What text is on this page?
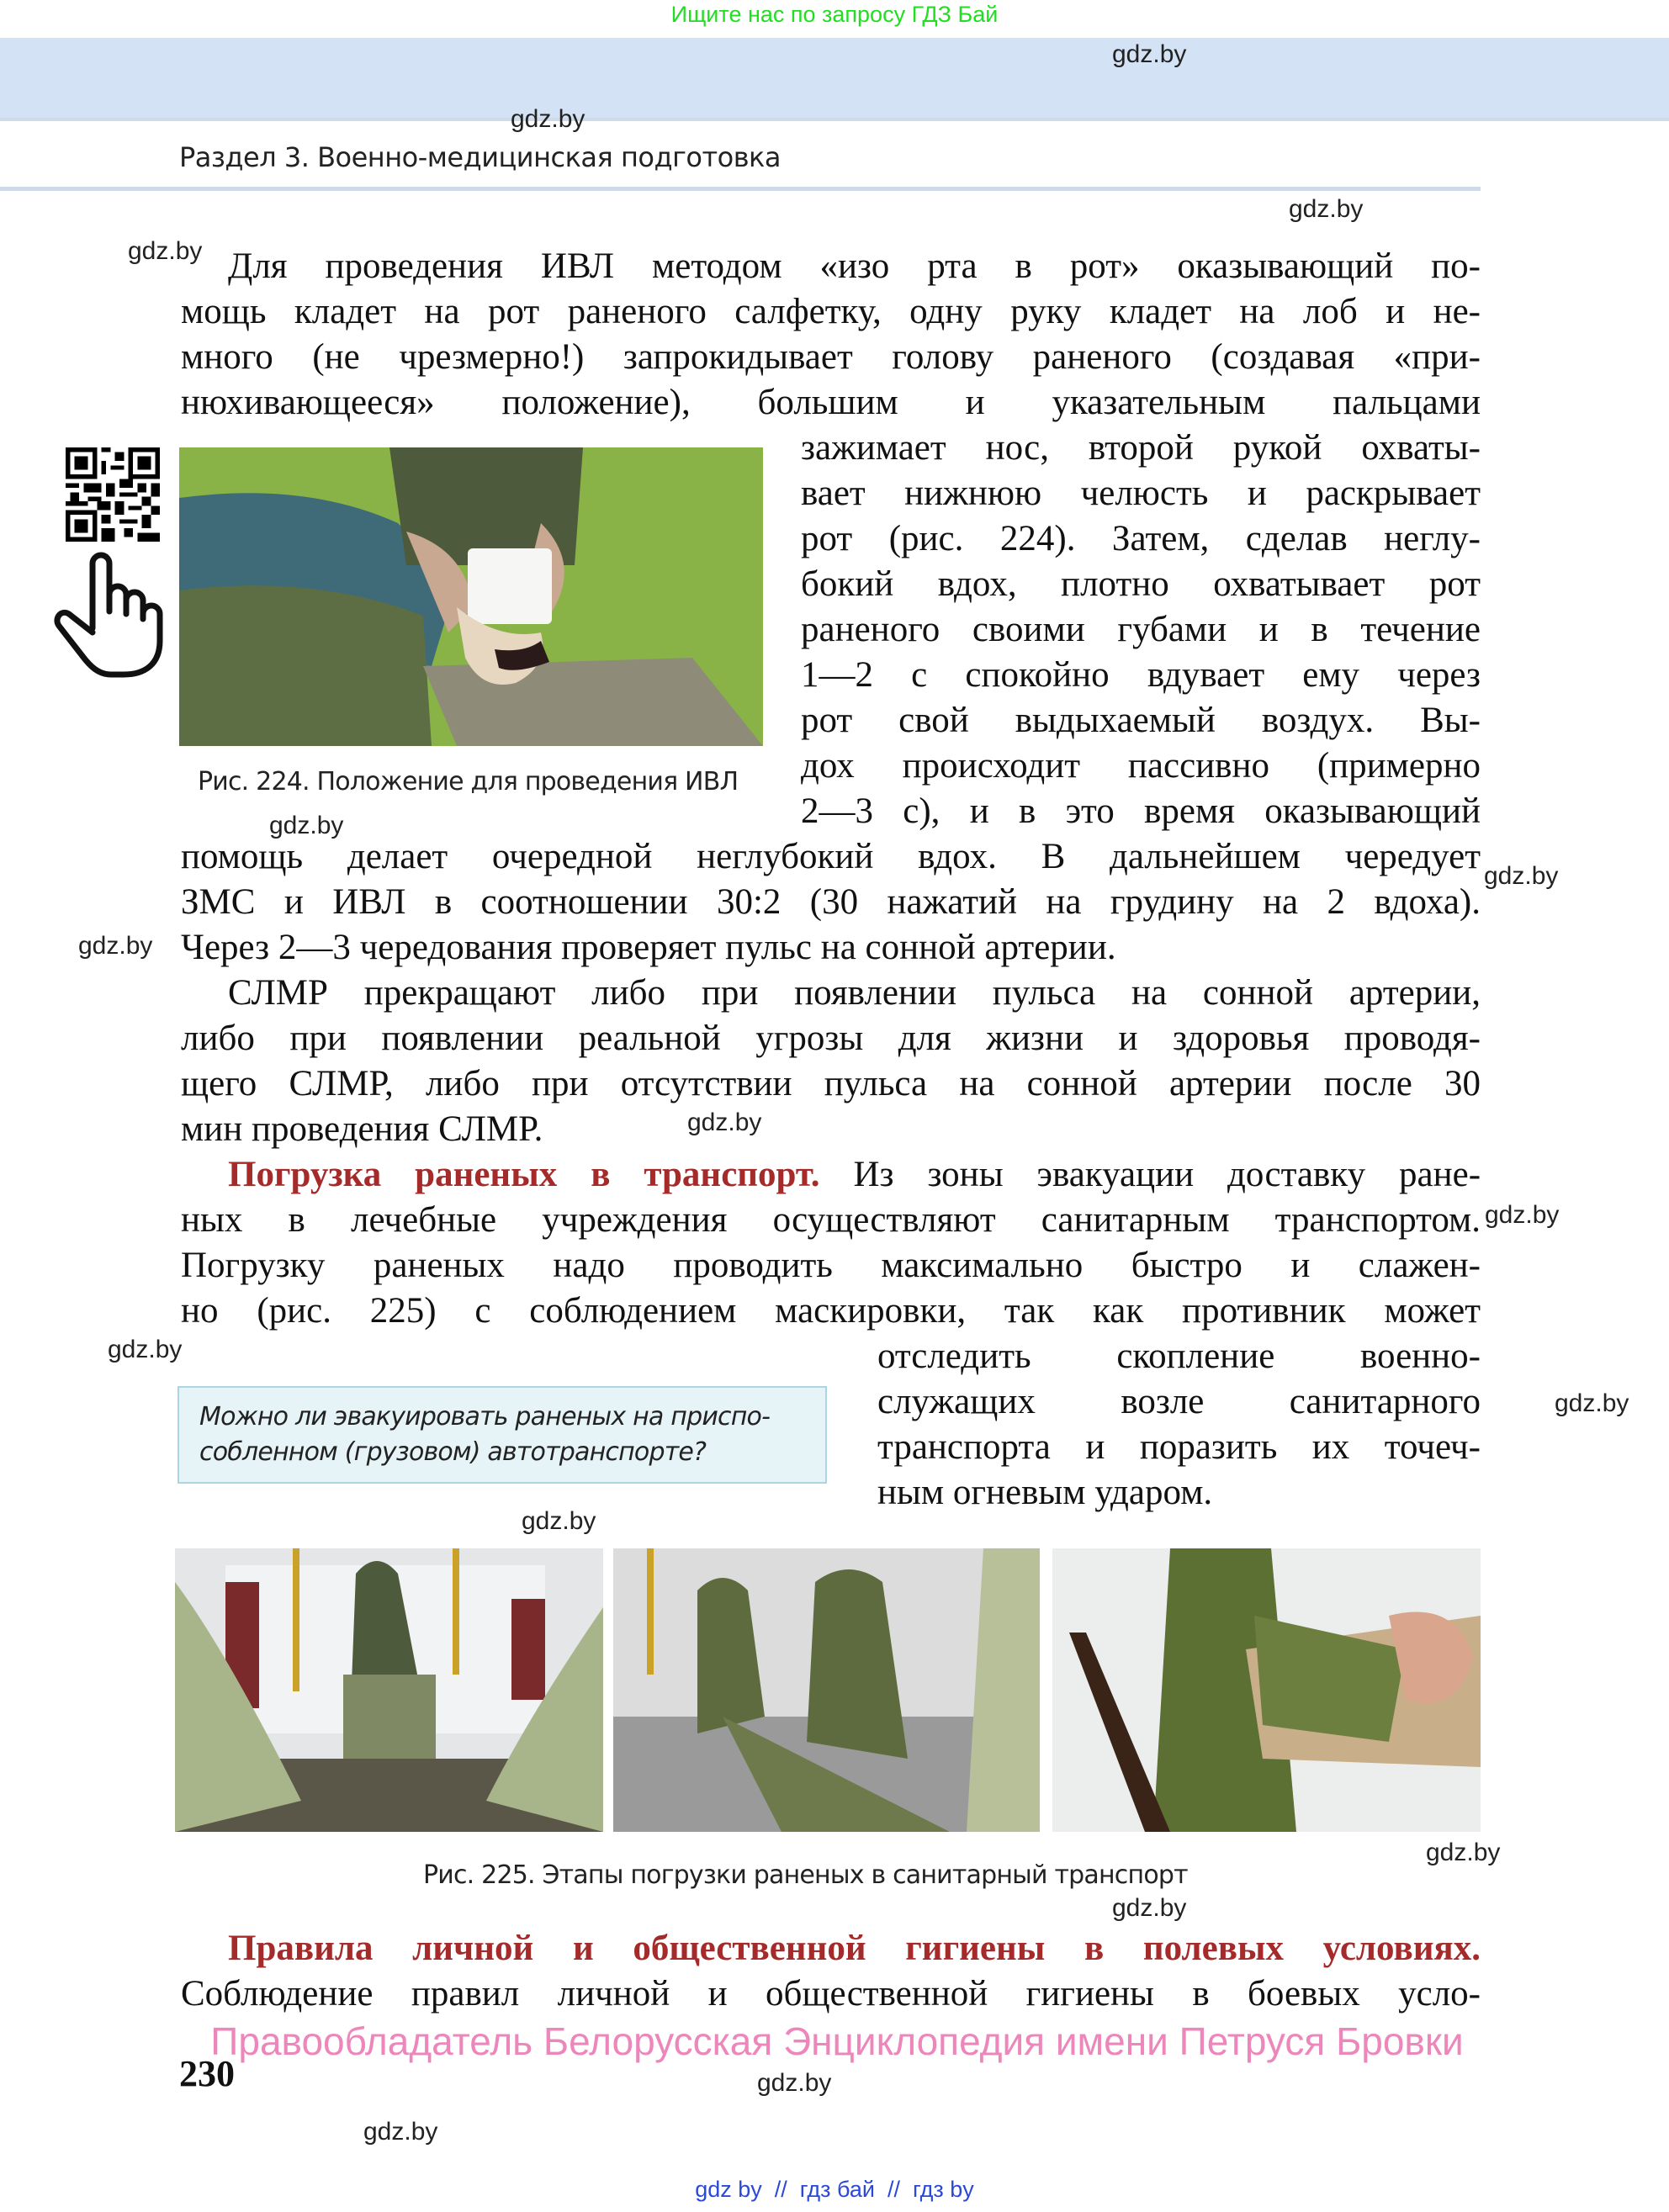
Ищите нас по запросу ГДЗ Бай
gdz.by
gdz.by
gdz.by
gdz.by
gdz.by
gdz.by
gdz.by
gdz.by
gdz.by
gdz.by
gdz.by
gdz.by
gdz.by
gdz.by
gdz.by
gdz.by
Раздел 3. Военно-медицинская подготовка
Для проведения ИВЛ методом «изо рта в рот» оказывающий по-
мощь кладет на рот раненого салфетку, одну руку кладет на лоб и не-
много (не чрезмерно!) запрокидывает голову раненого (создавая «при-
нюхивающееся» положение), большим и указательным пальцами
Рис. 224. Положение для проведения ИВЛ
зажимает нос, второй рукой охваты-
вает нижнюю челюсть и раскрывает
рот (рис. 224). Затем, сделав неглу-
бокий вдох, плотно охватывает рот
раненого своими губами и в течение
1—2 с спокойно вдувает ему через
рот свой выдыхаемый воздух. Вы-
дох происходит пассивно (примерно
2—3 с), и в это время оказывающий
помощь делает очередной неглубокий вдох. В дальнейшем чередует
ЗМС и ИВЛ в соотношении 30:2 (30 нажатий на грудину на 2 вдоха).
Через 2—3 чередования проверяет пульс на сонной артерии.
СЛМР прекращают либо при появлении пульса на сонной артерии,
либо при появлении реальной угрозы для жизни и здоровья проводя-
щего СЛМР, либо при отсутствии пульса на сонной артерии после 30
мин проведения СЛМР.
Погрузка раненых в транспорт. Из зоны эвакуации доставку ране-
ных в лечебные учреждения осуществляют санитарным транспортом.
Погрузку раненых надо проводить максимально быстро и слажен-
но (рис. 225) с соблюдением маскировки, так как противник может
отследить скопление военно-
служащих возле санитарного
транспорта и поразить их точеч-
ным огневым ударом.
Можно ли эвакуировать раненых на приспо-
собленном (грузовом) автотранспорте?
Рис. 225. Этапы погрузки раненых в санитарный транспорт
Правила личной и общественной гигиены в полевых условиях.
Соблюдение правил личной и общественной гигиены в боевых усло-
Правообладатель Белорусская Энциклопедия имени Петруся Бровки
230
gdz by  //  гдз бай  //  гдз by
